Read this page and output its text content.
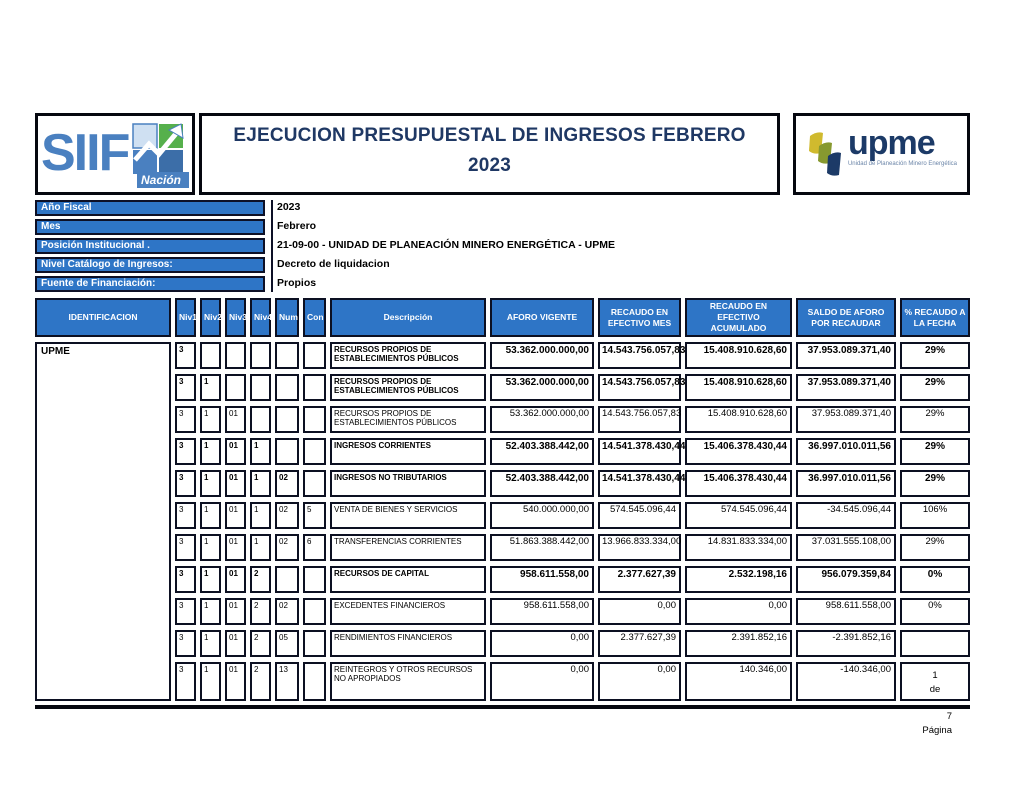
SIIF Nación
EJECUCION PRESUPUESTAL DE INGRESOS FEBRERO
2023
upme
Unidad de Planeación Minero Energética
Año Fiscal	2023
Mes	Febrero
Posición Institucional .	21-09-00 - UNIDAD DE PLANEACIÓN MINERO ENERGÉTICA - UPME
Nivel Catálogo de Ingresos:	Decreto de liquidacion
Fuente de Financiación:	Propios
IDENTIFICACION	Niv1	Niv2	Niv3	Niv4	Num	Con	Descripción	AFORO VIGENTE	RECAUDO EN EFECTIVO MES	RECAUDO EN EFECTIVO ACUMULADO	SALDO DE AFORO POR RECAUDAR	% RECAUDO A LA FECHA
UPME	3						RECURSOS PROPIOS DE ESTABLECIMIENTOS PÚBLICOS	53.362.000.000,00	14.543.756.057,83	15.408.910.628,60	37.953.089.371,40	29%
	3	1					RECURSOS PROPIOS DE ESTABLECIMIENTOS PÚBLICOS	53.362.000.000,00	14.543.756.057,83	15.408.910.628,60	37.953.089.371,40	29%
	3	1	01				RECURSOS PROPIOS DE ESTABLECIMIENTOS PÚBLICOS	53.362.000.000,00	14.543.756.057,83	15.408.910.628,60	37.953.089.371,40	29%
	3	1	01	1			INGRESOS CORRIENTES	52.403.388.442,00	14.541.378.430,44	15.406.378.430,44	36.997.010.011,56	29%
	3	1	01	1	02		INGRESOS NO TRIBUTARIOS	52.403.388.442,00	14.541.378.430,44	15.406.378.430,44	36.997.010.011,56	29%
	3	1	01	1	02	5	VENTA DE BIENES Y SERVICIOS	540.000.000,00	574.545.096,44	574.545.096,44	-34.545.096,44	106%
	3	1	01	1	02	6	TRANSFERENCIAS CORRIENTES	51.863.388.442,00	13.966.833.334,00	14.831.833.334,00	37.031.555.108,00	29%
	3	1	01	2			RECURSOS DE CAPITAL	958.611.558,00	2.377.627,39	2.532.198,16	956.079.359,84	0%
	3	1	01	2	02		EXCEDENTES FINANCIEROS	958.611.558,00	0,00	0,00	958.611.558,00	0%
	3	1	01	2	05		RENDIMIENTOS FINANCIEROS	0,00	2.377.627,39	2.391.852,16	-2.391.852,16	
	3	1	01	2	13		REINTEGROS Y OTROS RECURSOS NO APROPIADOS	0,00	0,00	140.346,00	-140.346,00	1
de
7
Página
